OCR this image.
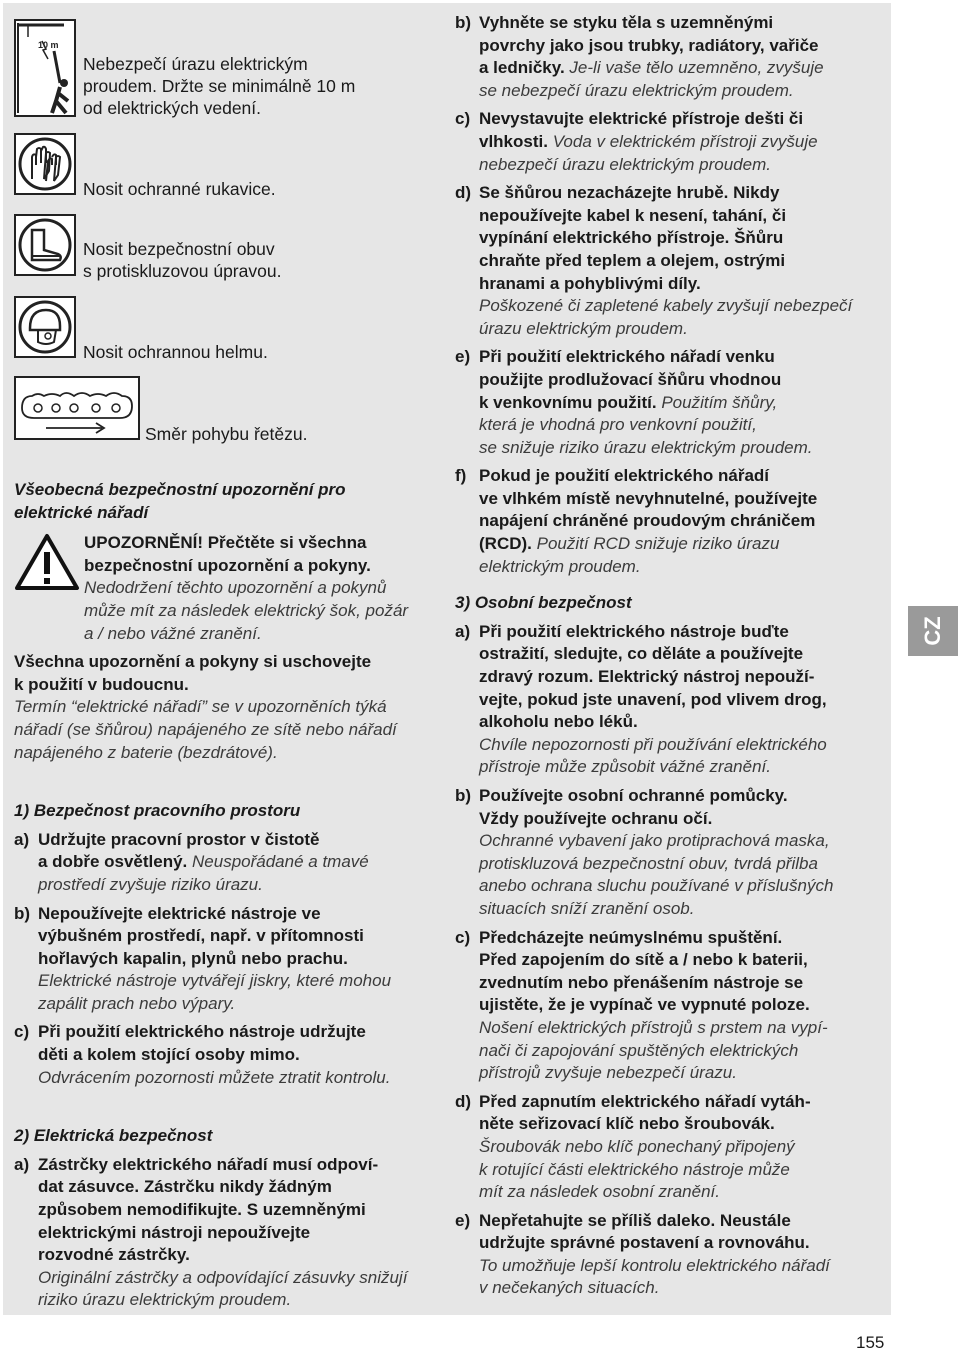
10 m

Nebezpečí úrazu elektrickým

proudem. Držte se minimálně 10 m

od elektrických vedení.

Nosit ochranné rukavice.

Nosit bezpečnostní obuv

s protiskluzovou úpravou.

Nosit ochrannou helmu.
Směr pohybu řetězu.

Všeobecná bezpečnostní upozornění pro

elektrické nářadí

UPOZORNĚNÍ! Přečtěte si všechna

bezpečnostní upozornění a pokyny.

Nedodržení těchto upozornění a pokynů

může mít za následek elektrický šok, požár

a / nebo vážné zranění.

Všechna upozornění a pokyny si uschovejte

k použití v budoucnu.

Termín “elektrické nářadí” se v upozorněních týká

nářadí (se šňůrou) napájeného ze sítě nebo nářadí

napájeného z baterie (bezdrátové).

1) Bezpečnost pracovního prostoru

a) Udržujte pracovní prostor v čistotě

a dobře osvětlený. Neuspořádané a tmavé

prostředí zvyšuje riziko úrazu.

b) Nepoužívejte elektrické nástroje ve

výbušném prostředí, např. v přítomnosti

hořlavých kapalin, plynů nebo prachu.

Elektrické nástroje vytvářejí jiskry, které mohou

zapálit prach nebo výpary.

c) Při použití elektrického nástroje udržujte

děti a kolem stojící osoby mimo.

Odvrácením pozornosti můžete ztratit kontrolu.

2) Elektrická bezpečnost

a) Zástrčky elektrického nářadí musí odpoví-

dat zásuvce. Zástrčku nikdy žádným

způsobem nemodifikujte. S uzemněnými

elektrickými nástroji nepoužívejte

rozvodné zástrčky.

Originální zástrčky a odpovídající zásuvky snižují

riziko úrazu elektrickým proudem.

b) Vyhněte se styku těla s uzemněnými

povrchy jako jsou trubky, radiátory, vařiče

a ledničky. Je-li vaše tělo uzemněno, zvyšuje

se nebezpečí úrazu elektrickým proudem.

c) Nevystavujte elektrické přístroje dešti či

vlhkosti. Voda v elektrickém přístroji zvyšuje

nebezpečí úrazu elektrickým proudem.

d) Se šňůrou nezacházejte hrubě. Nikdy

nepoužívejte kabel k nesení, tahání, či

vypínání elektrického přístroje. Šňůru

chraňte před teplem a olejem, ostrými

hranami a pohyblivými díly.

Poškozené či zapletené kabely zvyšují nebezpečí

úrazu elektrickým proudem.

e) Při použití elektrického nářadí venku

použijte prodlužovací šňůru vhodnou

k venkovnímu použití. Použitím šňůry,

která je vhodná pro venkovní použití,

se snižuje riziko úrazu elektrickým proudem.

f) Pokud je použití elektrického nářadí

ve vlhkém místě nevyhnutelné, používejte

napájení chráněné proudovým chráničem

(RCD). Použití RCD snižuje riziko úrazu

elektrickým proudem.

3) Osobní bezpečnost

a) Při použití elektrického nástroje buďte

ostražití, sledujte, co děláte a používejte

zdravý rozum. Elektrický nástroj nepouží-

vejte, pokud jste unavení, pod vlivem drog,

alkoholu nebo léků.

Chvíle nepozornosti při používání elektrického

přístroje může způsobit vážné zranění.

b) Používejte osobní ochranné pomůcky.

Vždy používejte ochranu očí.

Ochranné vybavení jako protiprachová maska,

protiskluzová bezpečnostní obuv, tvrdá přilba

anebo ochrana sluchu používané v příslušných

situacích sníží zranění osob.

c) Předcházejte neúmyslnému spuštění.

Před zapojením do sítě a / nebo k baterii,

zvednutím nebo přenášením nástroje se

ujistěte, že je vypínač ve vypnuté poloze.

Nošení elektrických přístrojů s prstem na vypí-

nači či zapojování spuštěných elektrických

přístrojů zvyšuje nebezpečí úrazu.

d) Před zapnutím elektrického nářadí vytáh-

něte seřizovací klíč nebo šroubovák.

Šroubovák nebo klíč ponechaný připojený

k rotující části elektrického nástroje může

mít za následek osobní zranění.

e) Nepřetahujte se příliš daleko. Neustále

udržujte správné postavení a rovnováhu.

To umožňuje lepší kontrolu elektrického nářadí

v nečekaných situacích.

CZ
155
